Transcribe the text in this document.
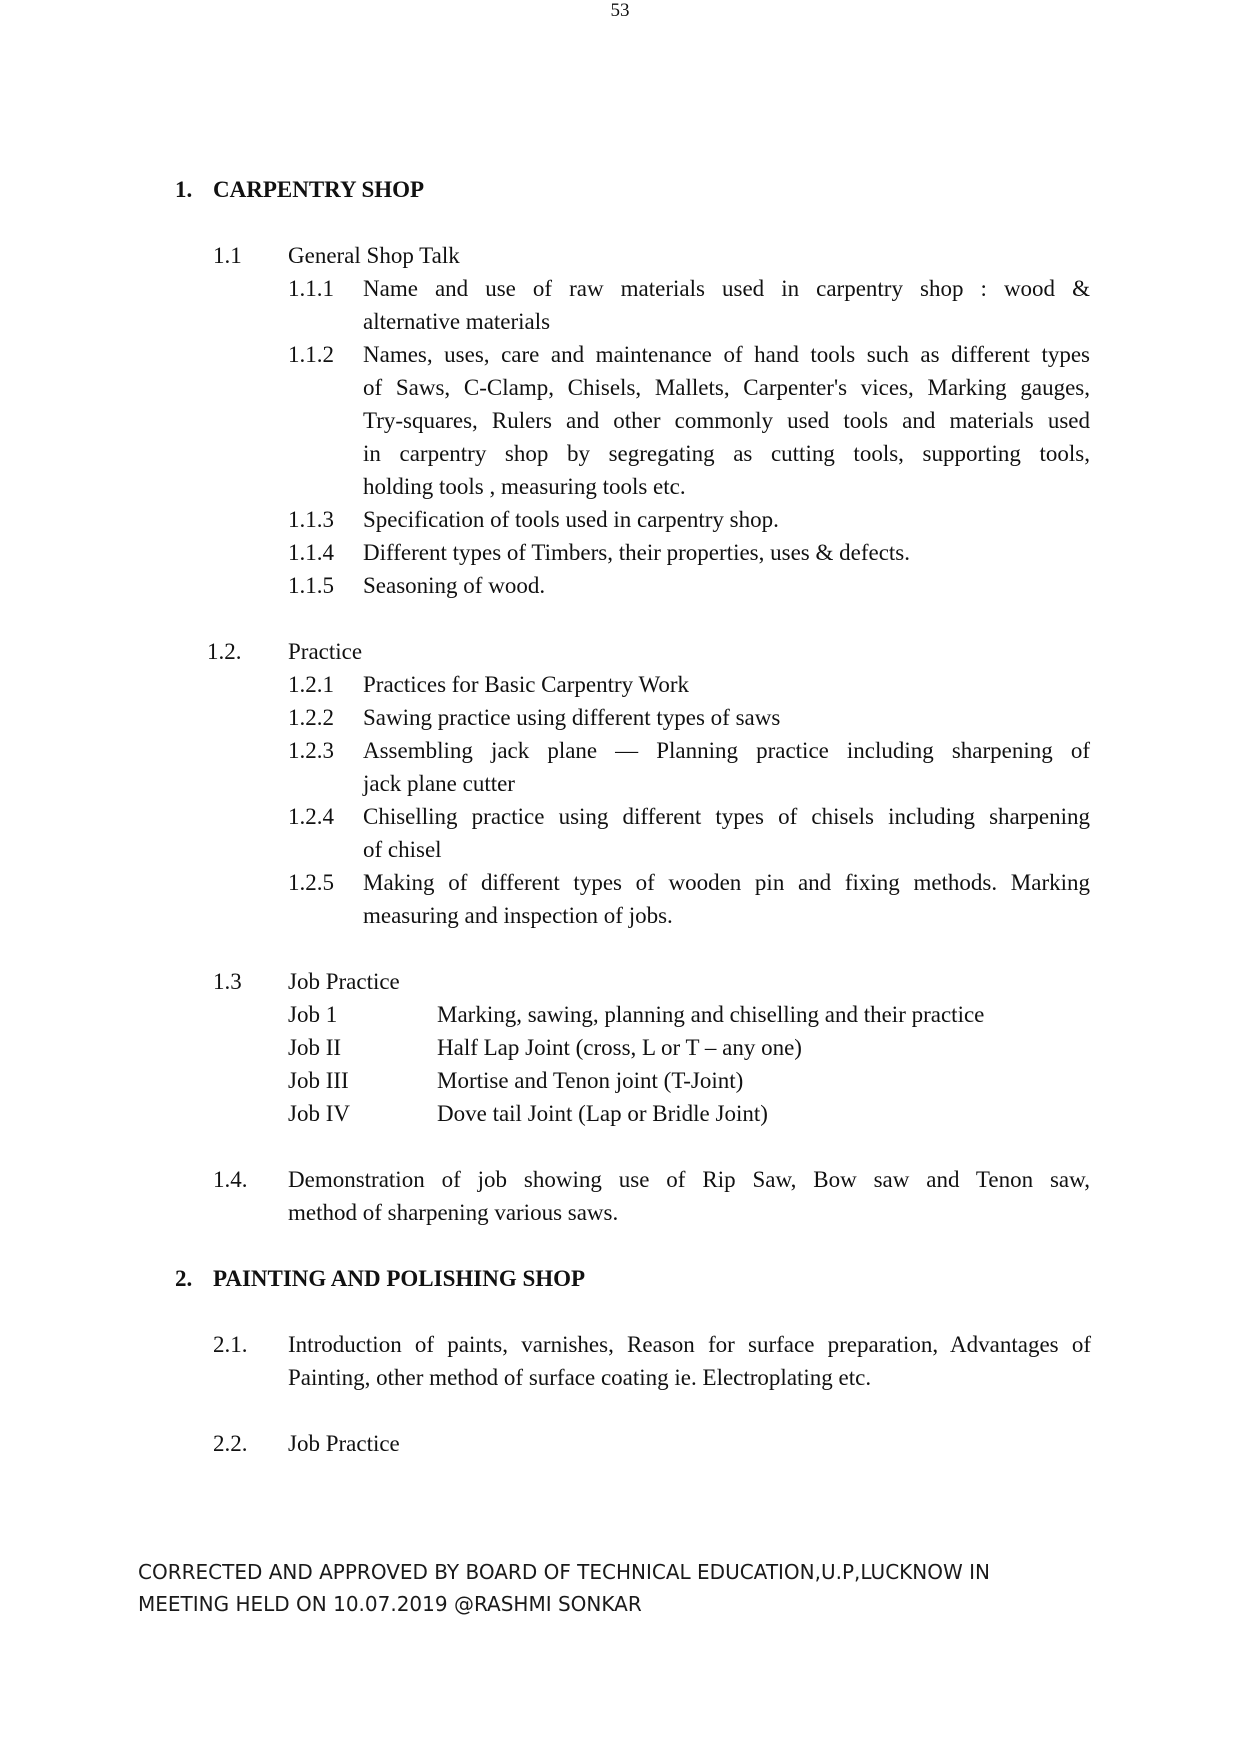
53
1. CARPENTRY SHOP
1.1 General Shop Talk
1.1.1 Name and use of raw materials used in carpentry shop : wood &
alternative materials
1.1.2 Names, uses, care and maintenance of hand tools such as different types
of Saws, C-Clamp, Chisels, Mallets, Carpenter's vices, Marking gauges,
Try-squares, Rulers and other commonly used tools and materials used
in carpentry shop by segregating as cutting tools, supporting tools,
holding tools , measuring tools etc.
1.1.3 Specification of tools used in carpentry shop.
1.1.4 Different types of Timbers, their properties, uses & defects.
1.1.5 Seasoning of wood.
1.2. Practice
1.2.1 Practices for Basic Carpentry Work
1.2.2 Sawing practice using different types of saws
1.2.3 Assembling jack plane — Planning practice including sharpening of
jack plane cutter
1.2.4 Chiselling practice using different types of chisels including sharpening
of chisel
1.2.5 Making of different types of wooden pin and fixing methods. Marking
measuring and inspection of jobs.
1.3 Job Practice
Job 1	Marking, sawing, planning and chiselling and their practice
Job II	Half Lap Joint (cross, L or T – any one)
Job III	Mortise and Tenon joint (T-Joint)
Job IV	Dove tail Joint (Lap or Bridle Joint)
1.4. Demonstration of job showing use of Rip Saw, Bow saw and Tenon saw,
method of sharpening various saws.
2. PAINTING AND POLISHING SHOP
2.1. Introduction of paints, varnishes, Reason for surface preparation, Advantages of
Painting, other method of surface coating ie. Electroplating etc.
2.2. Job Practice
CORRECTED AND APPROVED BY BOARD OF TECHNICAL EDUCATION,U.P,LUCKNOW IN
MEETING HELD ON 10.07.2019 @RASHMI SONKAR
